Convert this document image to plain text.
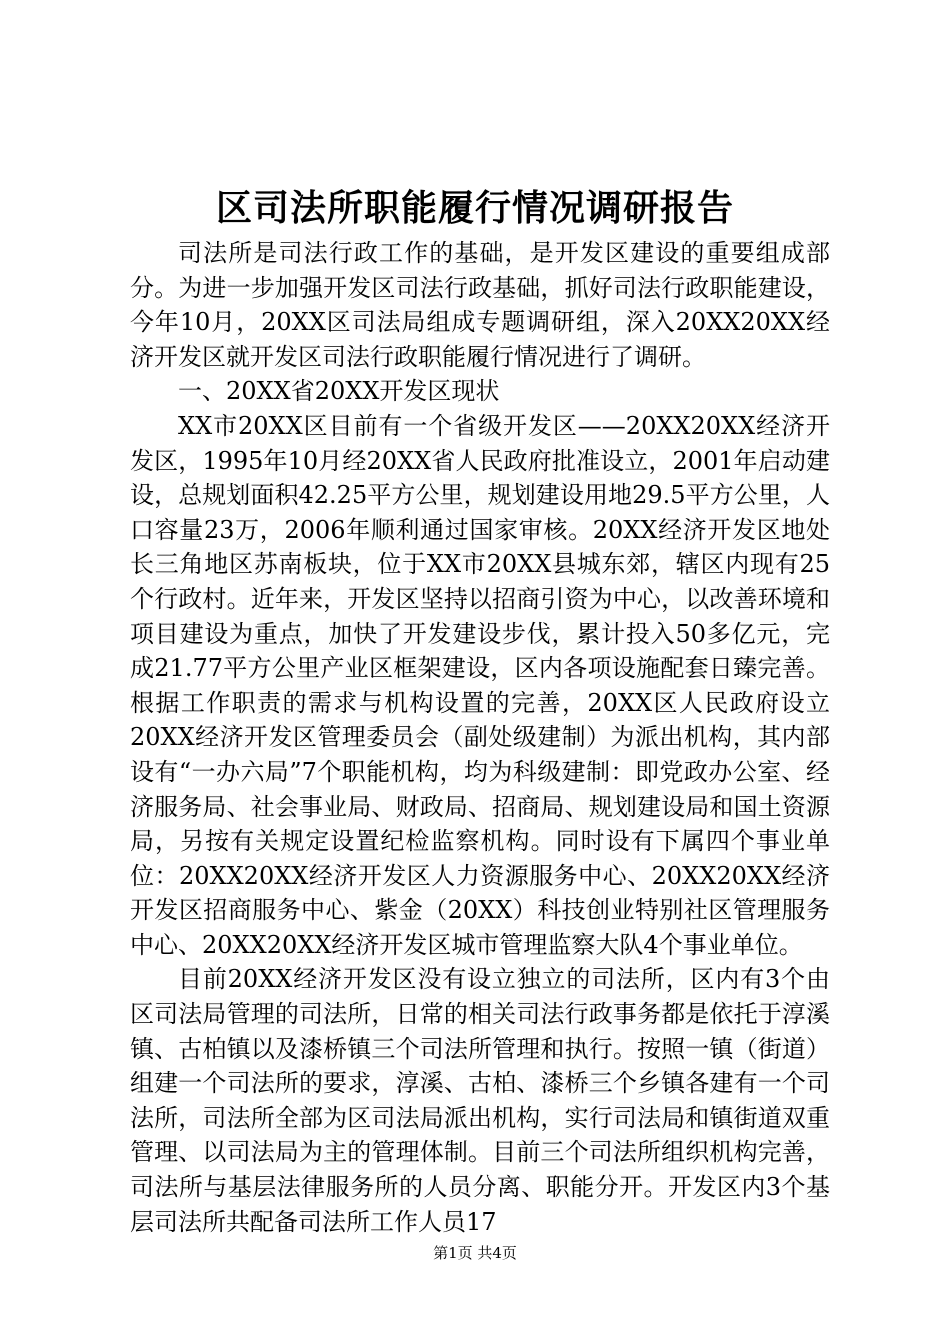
区司法所职能履行情况调研报告

司法所是司法行政工作的基础，是开发区建设的重要组成部分。为进一步加强开发区司法行政基础，抓好司法行政职能建设，今年10月，20XX区司法局组成专题调研组，深入20XX20XX经济开发区就开发区司法行政职能履行情况进行了调研。

一、20XX省20XX开发区现状

XX市20XX区目前有一个省级开发区——20XX20XX经济开发区，1995年10月经20XX省人民政府批准设立，2001年启动建设，总规划面积42.25平方公里，规划建设用地29.5平方公里，人口容量23万，2006年顺利通过国家审核。20XX经济开发区地处长三角地区苏南板块，位于XX市20XX县城东郊，辖区内现有25个行政村。近年来，开发区坚持以招商引资为中心，以改善环境和项目建设为重点，加快了开发建设步伐，累计投入50多亿元，完成21.77平方公里产业区框架建设，区内各项设施配套日臻完善。根据工作职责的需求与机构设置的完善，20XX区人民政府设立20XX经济开发区管理委员会（副处级建制）为派出机构，其内部设有“一办六局”7个职能机构，均为科级建制：即党政办公室、经济服务局、社会事业局、财政局、招商局、规划建设局和国土资源局，另按有关规定设置纪检监察机构。同时设有下属四个事业单位：20XX20XX经济开发区人力资源服务中心、20XX20XX经济开发区招商服务中心、紫金（20XX）科技创业特别社区管理服务中心、20XX20XX经济开发区城市管理监察大队4个事业单位。

目前20XX经济开发区没有设立独立的司法所，区内有3个由区司法局管理的司法所，日常的相关司法行政事务都是依托于淳溪镇、古柏镇以及漆桥镇三个司法所管理和执行。按照一镇（街道）组建一个司法所的要求，淳溪、古柏、漆桥三个乡镇各建有一个司法所，司法所全部为区司法局派出机构，实行司法局和镇街道双重管理、以司法局为主的管理体制。目前三个司法所组织机构完善，司法所与基层法律服务所的人员分离、职能分开。开发区内3个基层司法所共配备司法所工作人员17

第1页 共4页
